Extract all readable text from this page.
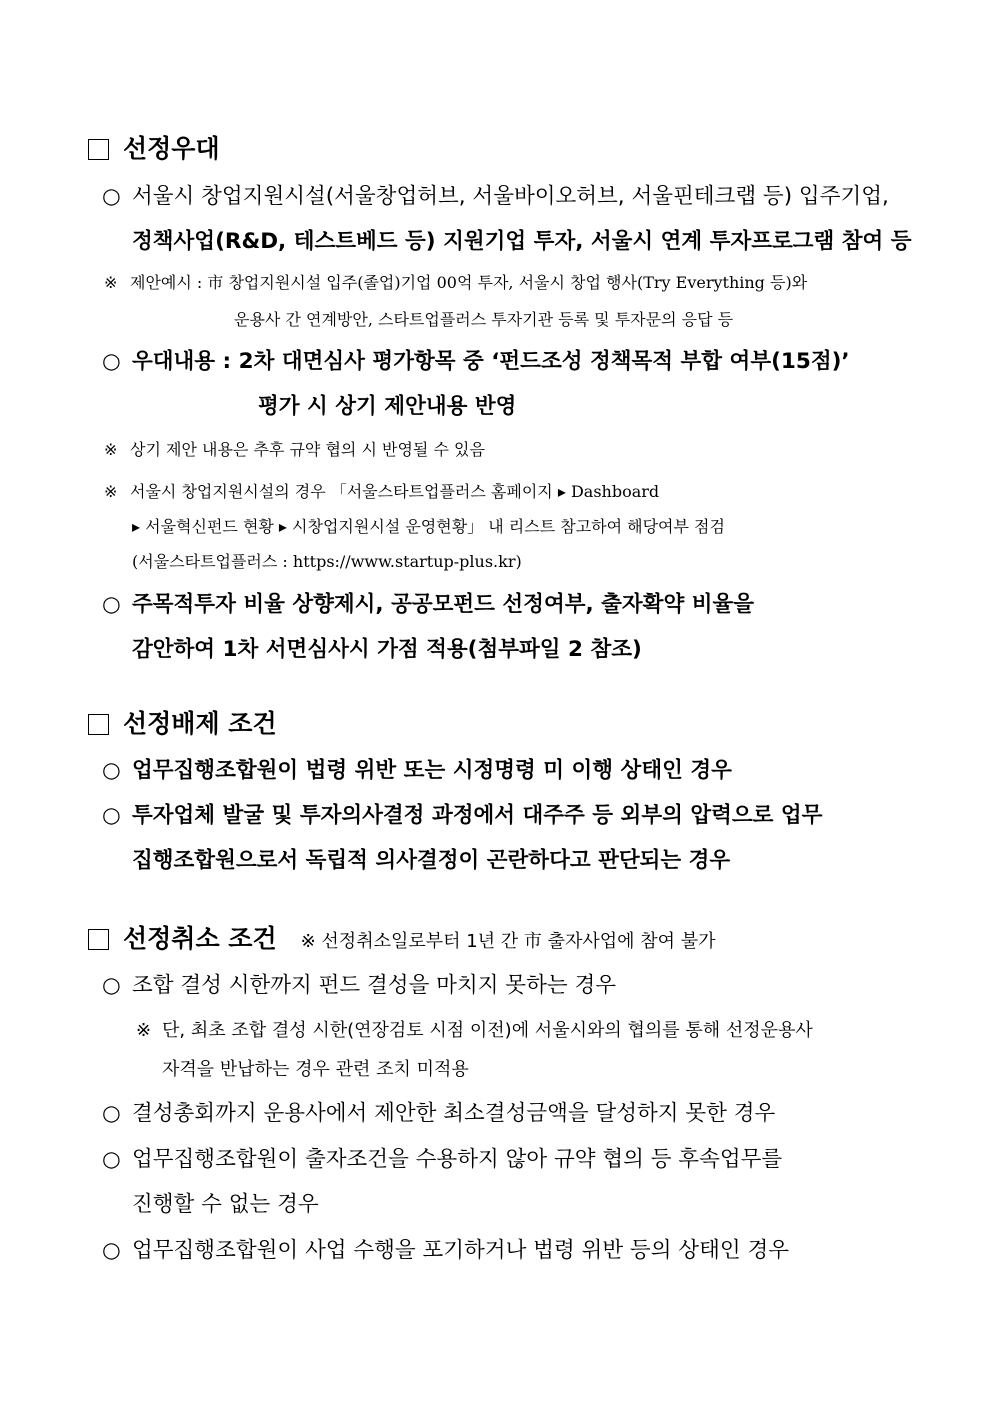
선정우대
○ 서울시 창업지원시설(서울창업허브, 서울바이오허브, 서울핀테크랩 등) 입주기업,
정책사업(R&D, 테스트베드 등) 지원기업 투자, 서울시 연계 투자프로그램 참여 등
※ 제안예시 : 市 창업지원시설 입주(졸업)기업 00억 투자, 서울시 창업 행사(Try Everything 등)와
운용사 간 연계방안, 스타트업플러스 투자기관 등록 및 투자문의 응답 등
○ 우대내용 : 2차 대면심사 평가항목 중 ‘펀드조성 정책목적 부합 여부(15점)’
평가 시 상기 제안내용 반영
※ 상기 제안 내용은 추후 규약 협의 시 반영될 수 있음
※ 서울시 창업지원시설의 경우 「서울스타트업플러스 홈페이지 ▸ Dashboard
▸ 서울혁신펀드 현황 ▸ 시창업지원시설 운영현황」 내 리스트 참고하여 해당여부 점검
(서울스타트업플러스 : https://www.startup-plus.kr)
○ 주목적투자 비율 상향제시, 공공모펀드 선정여부, 출자확약 비율을
감안하여 1차 서면심사시 가점 적용(첨부파일 2 참조)
선정배제 조건
○ 업무집행조합원이 법령 위반 또는 시정명령 미 이행 상태인 경우
○ 투자업체 발굴 및 투자의사결정 과정에서 대주주 등 외부의 압력으로 업무
집행조합원으로서 독립적 의사결정이 곤란하다고 판단되는 경우
선정취소 조건 ※ 선정취소일로부터 1년 간 市 출자사업에 참여 불가
○ 조합 결성 시한까지 펀드 결성을 마치지 못하는 경우
※ 단, 최초 조합 결성 시한(연장검토 시점 이전)에 서울시와의 협의를 통해 선정운용사
자격을 반납하는 경우 관련 조치 미적용
○ 결성총회까지 운용사에서 제안한 최소결성금액을 달성하지 못한 경우
○ 업무집행조합원이 출자조건을 수용하지 않아 규약 협의 등 후속업무를
진행할 수 없는 경우
○ 업무집행조합원이 사업 수행을 포기하거나 법령 위반 등의 상태인 경우
